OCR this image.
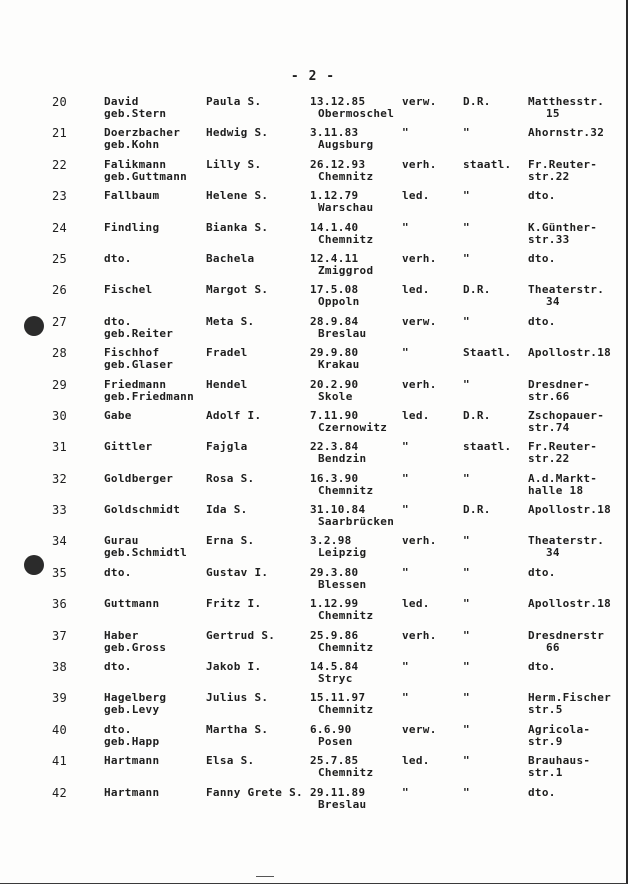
- 2 -
20	David
geb.Stern
Paula S.	13.12.85
Obermoschel
verw. D.R.	Matthesstr.
15
21	Doerzbacher
geb.Kohn
Hedwig S.	3.11.83
Augsburg
"	"	Ahornstr.32
22	Falikmann
geb.Guttmann
Lilly S.	26.12.93
Chemnitz
verh. staatl. Fr.Reuter-
str.22
23	Fallbaum	Helene S.	1.12.79
Warschau
led.	"	dto.
24	Findling	Bianka S.	14.1.40
Chemnitz
"	"	K.Günther-
str.33
25	dto.	Bachela	12.4.11
Zmiggrod
verh. "	dto.
26	Fischel	Margot S.	17.5.08
Oppoln
led.	D.R.	Theaterstr.
34
27	dto.
geb.Reiter
Meta S.	28.9.84
Breslau
verw. "	dto.
28	Fischhof
geb.Glaser
Fradel	29.9.80
Krakau
"	Staatl. Apollostr.18
29	Friedmann
geb.Friedmann
Hendel	20.2.90
Skole
verh. "	Dresdner-
str.66
30	Gabe	Adolf I.	7.11.90
Czernowitz
led.	D.R.	Zschopauer-
str.74
31	Gittler	Fajgla	22.3.84
Bendzin
"	staatl. Fr.Reuter-
str.22
32	Goldberger	Rosa S.	16.3.90
Chemnitz
"	"	A.d.Markt-
halle 18
33	Goldschmidt Ida S.	31.10.84
Saarbrücken
"	D.R.	Apollostr.18
34	Gurau
geb.Schmidtl
Erna S.	3.2.98
Leipzig
verh. "	Theaterstr.
34
35	dto.	Gustav I.	29.3.80
Blessen
"	"	dto.
36	Guttmann	Fritz I.	1.12.99
Chemnitz
led.	"	Apollostr.18
37	Haber
geb.Gross
Gertrud S.	25.9.86
Chemnitz
verh. "	Dresdnerstr
66
38	dto.	Jakob I.	14.5.84
Stryc
"	"	dto.
39	Hagelberg
geb.Levy
Julius S.	15.11.97
Chemnitz
"	"	Herm.Fischer
str.5
40	dto.
geb.Happ
Martha S.	6.6.90
Posen
verw. "	Agricola-
str.9
41	Hartmann	Elsa S.	25.7.85
Chemnitz
led.	"	Brauhaus-
str.1
42	Hartmann	Fanny Grete S. 29.11.89
Breslau
"	"	dto.
